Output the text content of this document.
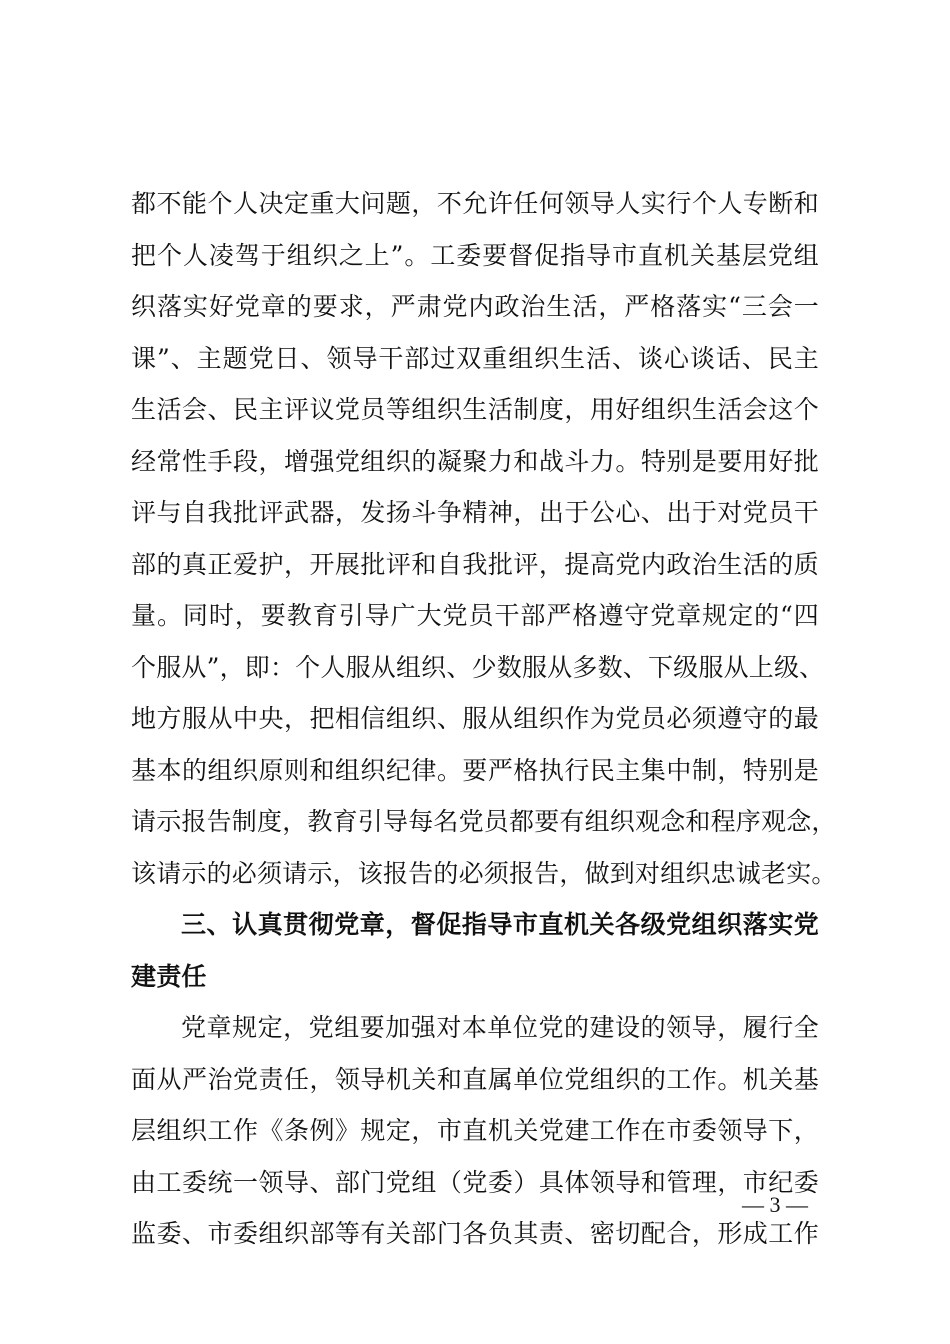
都不能个人决定重大问题，不允许任何领导人实行个人专断和
把个人凌驾于组织之上”。工委要督促指导市直机关基层党组
织落实好党章的要求，严肃党内政治生活，严格落实“三会一
课”、主题党日、领导干部过双重组织生活、谈心谈话、民主
生活会、民主评议党员等组织生活制度，用好组织生活会这个
经常性手段，增强党组织的凝聚力和战斗力。特别是要用好批
评与自我批评武器，发扬斗争精神，出于公心、出于对党员干
部的真正爱护，开展批评和自我批评，提高党内政治生活的质
量。同时，要教育引导广大党员干部严格遵守党章规定的“四
个服从”，即：个人服从组织、少数服从多数、下级服从上级、
地方服从中央，把相信组织、服从组织作为党员必须遵守的最
基本的组织原则和组织纪律。要严格执行民主集中制，特别是
请示报告制度，教育引导每名党员都要有组织观念和程序观念，
该请示的必须请示，该报告的必须报告，做到对组织忠诚老实。
三、认真贯彻党章，督促指导市直机关各级党组织落实党
建责任
党章规定，党组要加强对本单位党的建设的领导，履行全
面从严治党责任，领导机关和直属单位党组织的工作。机关基
层组织工作《条例》规定，市直机关党建工作在市委领导下，
由工委统一领导、部门党组（党委）具体领导和管理，市纪委
监委、市委组织部等有关部门各负其责、密切配合，形成工作
— 3 —
